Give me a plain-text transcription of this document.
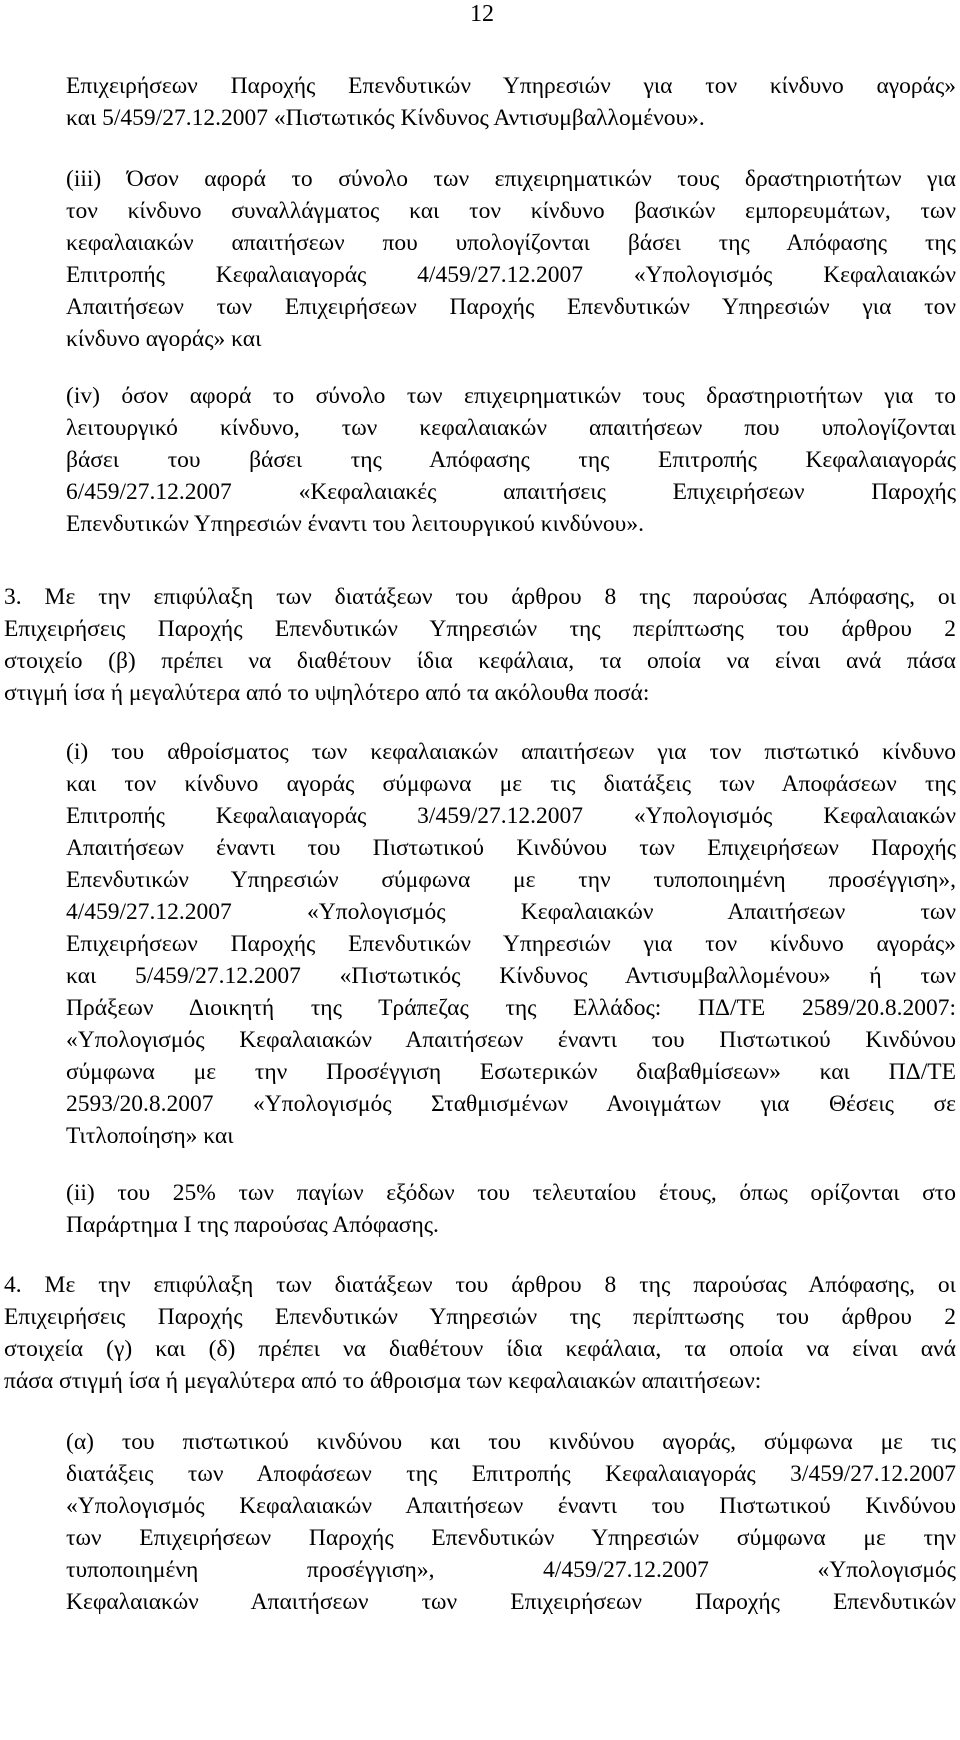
12
Επιχειρήσεων Παροχής Επενδυτικών Υπηρεσιών για τον κίνδυνο αγοράς»
και 5/459/27.12.2007 «Πιστωτικός Κίνδυνος Αντισυμβαλλομένου».
(iii) Όσον αφορά το σύνολο των επιχειρηματικών τους δραστηριοτήτων για
τον κίνδυνο συναλλάγματος και τον κίνδυνο βασικών εμπορευμάτων, των
κεφαλαιακών απαιτήσεων που υπολογίζονται βάσει της Απόφασης της
Επιτροπής Κεφαλαιαγοράς 4/459/27.12.2007 «Υπολογισμός Κεφαλαιακών
Απαιτήσεων των Επιχειρήσεων Παροχής Επενδυτικών Υπηρεσιών για τον
κίνδυνο αγοράς» και
(iv) όσον αφορά το σύνολο των επιχειρηματικών τους δραστηριοτήτων για το
λειτουργικό κίνδυνο, των κεφαλαιακών απαιτήσεων που υπολογίζονται
βάσει του βάσει της Απόφασης της Επιτροπής Κεφαλαιαγοράς
6/459/27.12.2007 «Κεφαλαιακές απαιτήσεις Επιχειρήσεων Παροχής
Επενδυτικών Υπηρεσιών έναντι του λειτουργικού κινδύνου».
3. Με την επιφύλαξη των διατάξεων του άρθρου 8 της παρούσας Απόφασης, οι
Επιχειρήσεις Παροχής Επενδυτικών Υπηρεσιών της περίπτωσης του άρθρου 2
στοιχείο (β) πρέπει να διαθέτουν ίδια κεφάλαια, τα οποία να είναι ανά πάσα
στιγμή ίσα ή μεγαλύτερα από το υψηλότερο από τα ακόλουθα ποσά:
(i) του αθροίσματος των κεφαλαιακών απαιτήσεων για τον πιστωτικό κίνδυνο
και τον κίνδυνο αγοράς σύμφωνα με τις διατάξεις των Αποφάσεων της
Επιτροπής Κεφαλαιαγοράς 3/459/27.12.2007 «Υπολογισμός Κεφαλαιακών
Απαιτήσεων έναντι του Πιστωτικού Κινδύνου των Επιχειρήσεων Παροχής
Επενδυτικών Υπηρεσιών σύμφωνα με την τυποποιημένη προσέγγιση»,
4/459/27.12.2007 «Υπολογισμός Κεφαλαιακών Απαιτήσεων των
Επιχειρήσεων Παροχής Επενδυτικών Υπηρεσιών για τον κίνδυνο αγοράς»
και 5/459/27.12.2007 «Πιστωτικός Κίνδυνος Αντισυμβαλλομένου» ή των
Πράξεων Διοικητή της Τράπεζας της Ελλάδος: ΠΔ/ΤΕ 2589/20.8.2007:
«Υπολογισμός Κεφαλαιακών Απαιτήσεων έναντι του Πιστωτικού Κινδύνου
σύμφωνα με την Προσέγγιση Εσωτερικών διαβαθμίσεων» και ΠΔ/ΤΕ
2593/20.8.2007 «Υπολογισμός Σταθμισμένων Ανοιγμάτων για Θέσεις σε
Τιτλοποίηση» και
(ii) του 25% των παγίων εξόδων του τελευταίου έτους, όπως ορίζονται στο
Παράρτημα Ι της παρούσας Απόφασης.
4. Με την επιφύλαξη των διατάξεων του άρθρου 8 της παρούσας Απόφασης, οι
Επιχειρήσεις Παροχής Επενδυτικών Υπηρεσιών της περίπτωσης του άρθρου 2
στοιχεία (γ) και (δ) πρέπει να διαθέτουν ίδια κεφάλαια, τα οποία να είναι ανά
πάσα στιγμή ίσα ή μεγαλύτερα από το άθροισμα των κεφαλαιακών απαιτήσεων:
(α) του πιστωτικού κινδύνου και του κινδύνου αγοράς, σύμφωνα με τις
διατάξεις των Αποφάσεων της Επιτροπής Κεφαλαιαγοράς 3/459/27.12.2007
«Υπολογισμός Κεφαλαιακών Απαιτήσεων έναντι του Πιστωτικού Κινδύνου
των Επιχειρήσεων Παροχής Επενδυτικών Υπηρεσιών σύμφωνα με την
τυποποιημένη προσέγγιση», 4/459/27.12.2007 «Υπολογισμός
Κεφαλαιακών Απαιτήσεων των Επιχειρήσεων Παροχής Επενδυτικών
